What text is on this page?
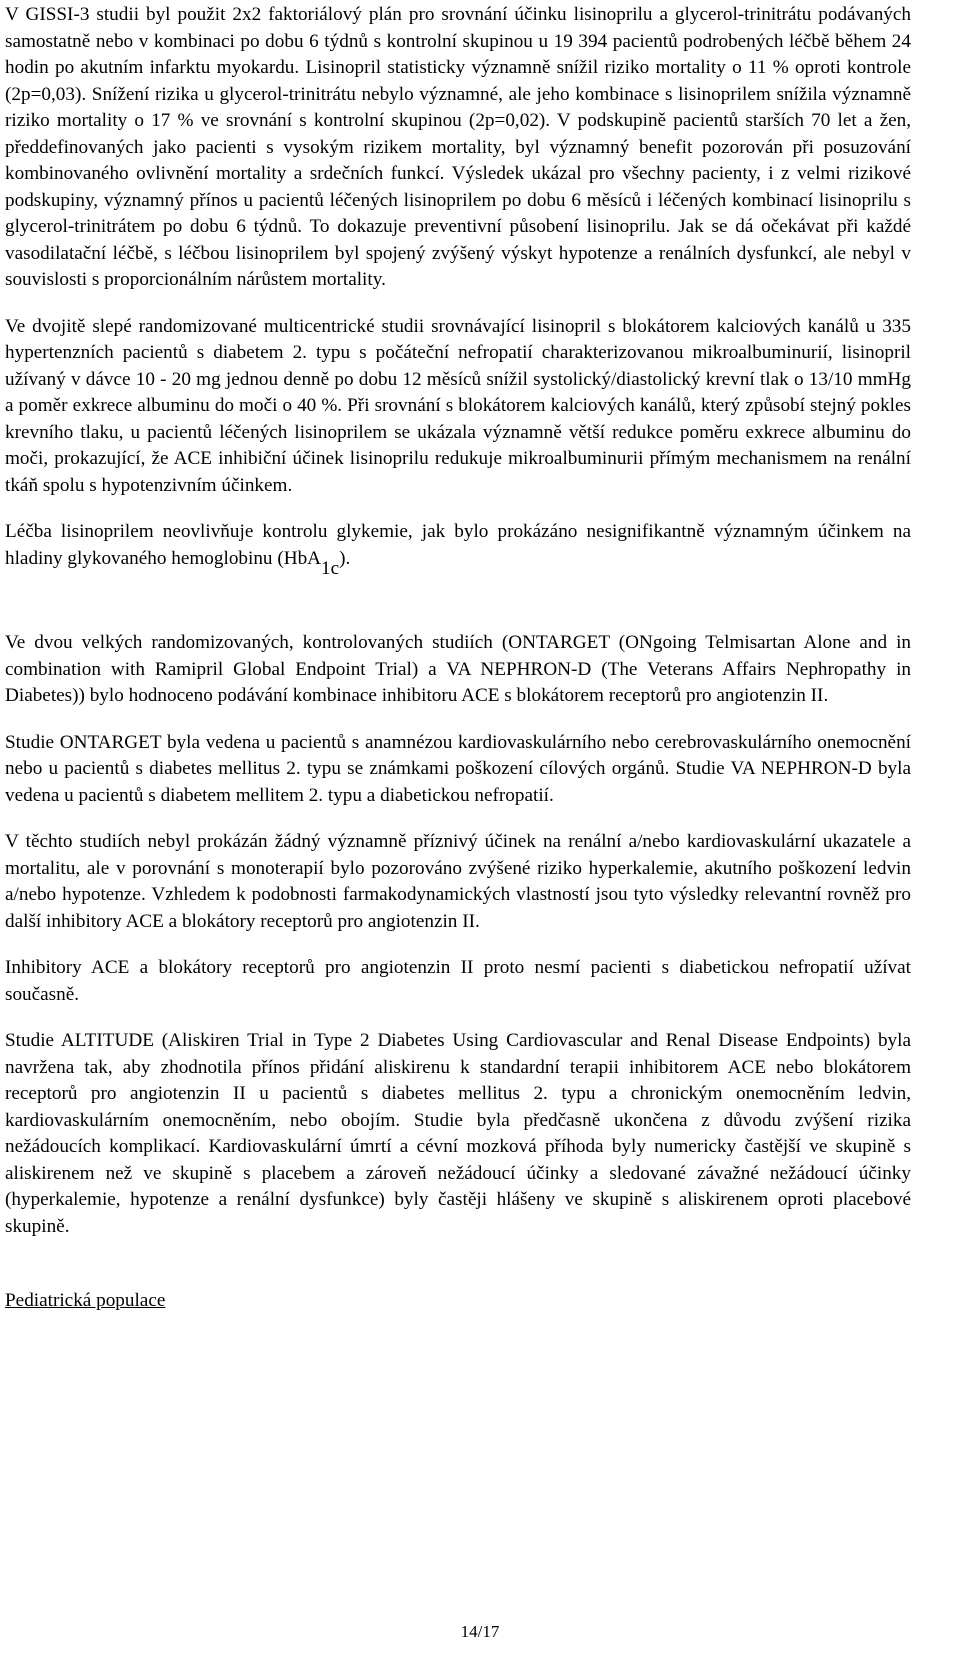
V GISSI-3 studii byl použit 2x2 faktoriálový plán pro srovnání účinku lisinoprilu a glycerol-trinitrátu podávaných samostatně nebo v kombinaci po dobu 6 týdnů s kontrolní skupinou u 19 394 pacientů podrobených léčbě během 24 hodin po akutním infarktu myokardu. Lisinopril statisticky významně snížil riziko mortality o 11 % oproti kontrole (2p=0,03). Snížení rizika u glycerol-trinitrátu nebylo významné, ale jeho kombinace s lisinoprilem snížila významně riziko mortality o 17 % ve srovnání s kontrolní skupinou (2p=0,02). V podskupině pacientů starších 70 let a žen, předdefinovaných jako pacienti s vysokým rizikem mortality, byl významný benefit pozorován při posuzování kombinovaného ovlivnění mortality a srdečních funkcí. Výsledek ukázal pro všechny pacienty, i z velmi rizikové podskupiny, významný přínos u pacientů léčených lisinoprilem po dobu 6 měsíců i léčených kombinací lisinoprilu s glycerol-trinitrátem po dobu 6 týdnů. To dokazuje preventivní působení lisinoprilu. Jak se dá očekávat při každé vasodilatační léčbě, s léčbou lisinoprilem byl spojený zvýšený výskyt hypotenze a renálních dysfunkcí, ale nebyl v souvislosti s proporcionálním nárůstem mortality.

Ve dvojitě slepé randomizované multicentrické studii srovnávající lisinopril s blokátorem kalciových kanálů u 335 hypertenzních pacientů s diabetem 2. typu s počáteční nefropatií charakterizovanou mikroalbuminurií, lisinopril užívaný v dávce 10 - 20 mg jednou denně po dobu 12 měsíců snížil systolický/diastolický krevní tlak o 13/10 mmHg a poměr exkrece albuminu do moči o 40 %. Při srovnání s blokátorem kalciových kanálů, který způsobí stejný pokles krevního tlaku, u pacientů léčených lisinoprilem se ukázala významně větší redukce poměru exkrece albuminu do moči, prokazující, že ACE inhibiční účinek lisinoprilu redukuje mikroalbuminurii přímým mechanismem na renální tkáň spolu s hypotenzivním účinkem.

Léčba lisinoprilem neovlivňuje kontrolu glykemie, jak bylo prokázáno nesignifikantně významným účinkem na hladiny glykovaného hemoglobinu (HbA1c).

Ve dvou velkých randomizovaných, kontrolovaných studiích (ONTARGET (ONgoing Telmisartan Alone and in combination with Ramipril Global Endpoint Trial) a VA NEPHRON-D (The Veterans Affairs Nephropathy in Diabetes)) bylo hodnoceno podávání kombinace inhibitoru ACE s blokátorem receptorů pro angiotenzin II.

Studie ONTARGET byla vedena u pacientů s anamnézou kardiovaskulárního nebo cerebrovaskulárního onemocnění nebo u pacientů s diabetes mellitus 2. typu se známkami poškození cílových orgánů. Studie VA NEPHRON-D byla vedena u pacientů s diabetem mellitem 2. typu a diabetickou nefropatií.

V těchto studiích nebyl prokázán žádný významně příznivý účinek na renální a/nebo kardiovaskulární ukazatele a mortalitu, ale v porovnání s monoterapií bylo pozorováno zvýšené riziko hyperkalemie, akutního poškození ledvin a/nebo hypotenze. Vzhledem k podobnosti farmakodynamických vlastností jsou tyto výsledky relevantní rovněž pro další inhibitory ACE a blokátory receptorů pro angiotenzin II.

Inhibitory ACE a blokátory receptorů pro angiotenzin II proto nesmí pacienti s diabetickou nefropatií užívat současně.

Studie ALTITUDE (Aliskiren Trial in Type 2 Diabetes Using Cardiovascular and Renal Disease Endpoints) byla navržena tak, aby zhodnotila přínos přidání aliskirenu k standardní terapii inhibitorem ACE nebo blokátorem receptorů pro angiotenzin II u pacientů s diabetes mellitus 2. typu a chronickým onemocněním ledvin, kardiovaskulárním onemocněním, nebo obojím. Studie byla předčasně ukončena z důvodu zvýšení rizika nežádoucích komplikací. Kardiovaskulární úmrtí a cévní mozková příhoda byly numericky častější ve skupině s aliskirenem než ve skupině s placebem a zároveň nežádoucí účinky a sledované závažné nežádoucí účinky (hyperkalemie, hypotenze a renální dysfunkce) byly častěji hlášeny ve skupině s aliskirenem oproti placebové skupině.

Pediatrická populace

14/17
